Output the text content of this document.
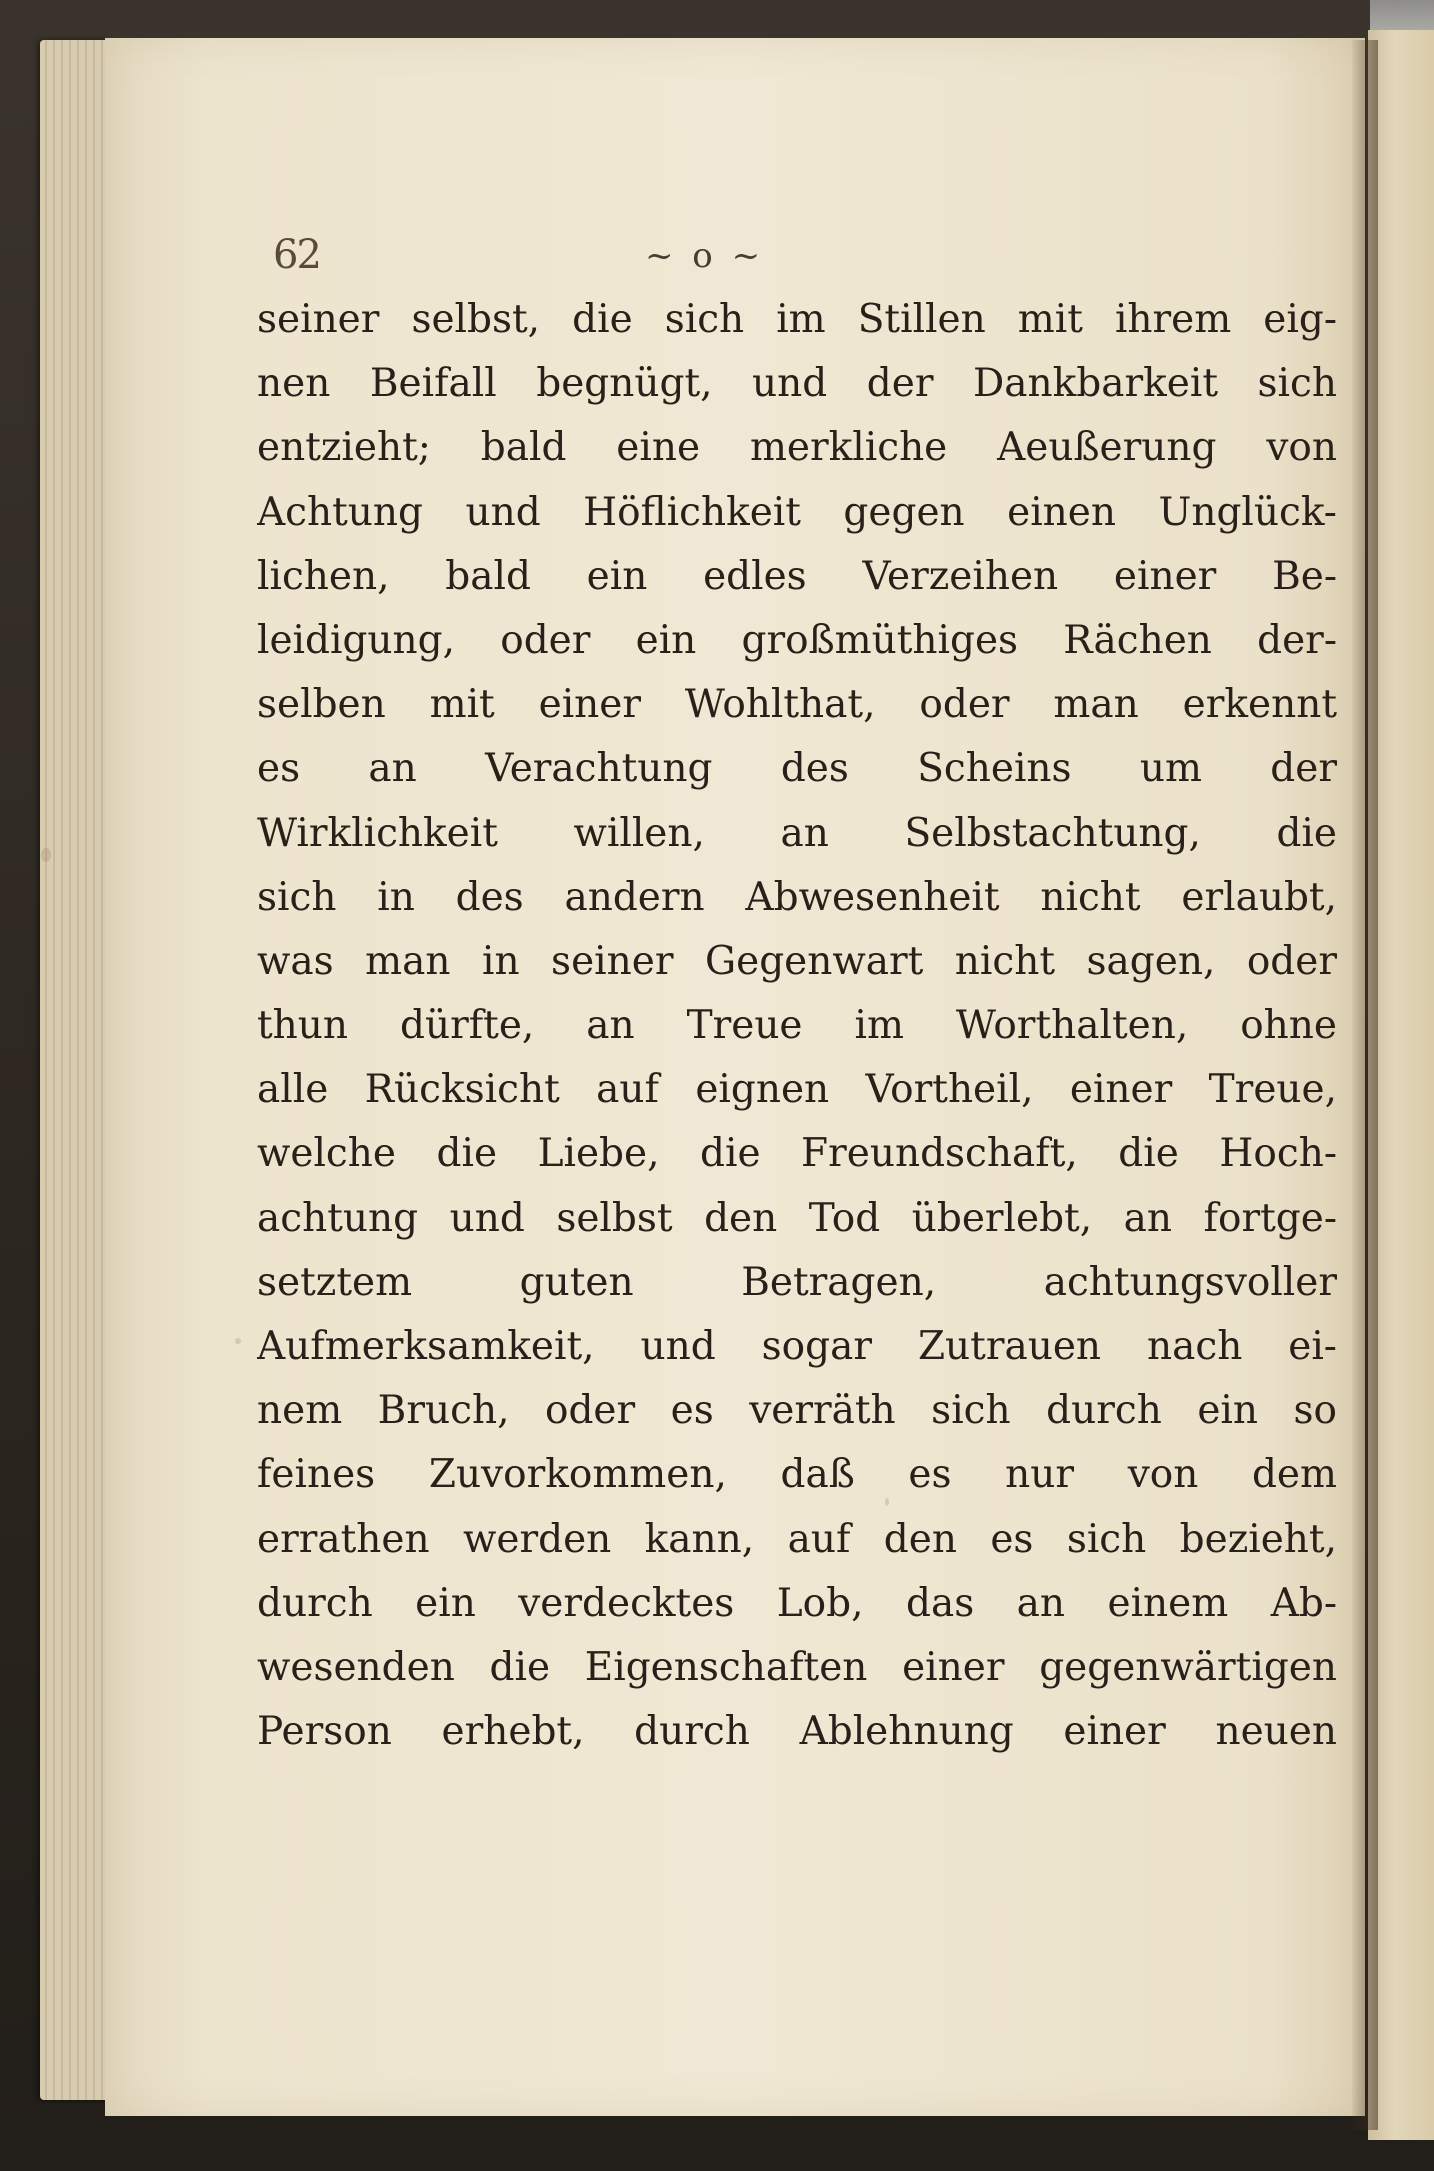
62	~ o ~

seiner selbst, die sich im Stillen mit ihrem eig-
nen Beifall begnügt, und der Dankbarkeit sich
entzieht; bald eine merkliche Aeußerung von
Achtung und Höflichkeit gegen einen Unglück-
lichen, bald ein edles Verzeihen einer Be-
leidigung, oder ein großmüthiges Rächen der-
selben mit einer Wohlthat, oder man erkennt
es an Verachtung des Scheins um der
Wirklichkeit willen, an Selbstachtung, die
sich in des andern Abwesenheit nicht erlaubt,
was man in seiner Gegenwart nicht sagen, oder
thun dürfte, an Treue im Worthalten, ohne
alle Rücksicht auf eignen Vortheil, einer Treue,
welche die Liebe, die Freundschaft, die Hoch-
achtung und selbst den Tod überlebt, an fortge-
setztem guten Betragen, achtungsvoller
Aufmerksamkeit, und sogar Zutrauen nach ei-
nem Bruch, oder es verräth sich durch ein so
feines Zuvorkommen, daß es nur von dem
errathen werden kann, auf den es sich bezieht,
durch ein verdecktes Lob, das an einem Ab-
wesenden die Eigenschaften einer gegenwärtigen
Person erhebt, durch Ablehnung einer neuen
